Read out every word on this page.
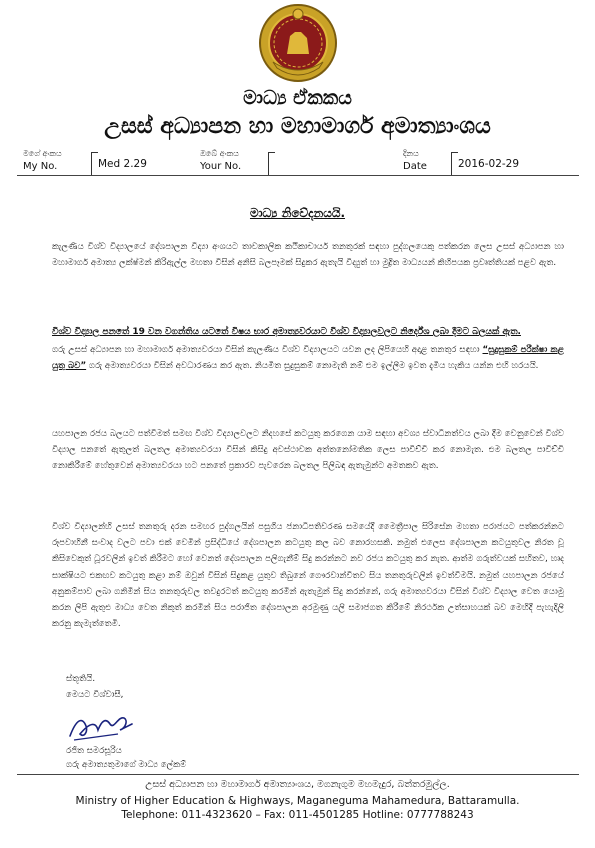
මාධ්‍ය ඒකකය
උසස් අධ්‍යාපන හා මහාමාර්ග අමාත්‍යාංශය
මගේ අංකය
My No.	Med 2.29
ඔබේ අංකය
Your No.
දිනය
Date	2016-02-29
මාධ්‍ය නිවේදනයයි.
කැලණිය විශ්ව විද්‍යාලයේ දේශපාලන විද්‍යා අංශයට තාවකාලික කථිකාචාර්ය තනතුරක් සඳහා පුද්ගලයෙකු පත්කරන ලෙස උසස් අධ්‍යාපන හා මහාමාර්ග අමාත්‍ය ලක්ෂ්මන් කිරිඇල්ල මහතා විසින් අනිසි බලපෑමක් සිදුකර ඇතැයි විද්‍යුත් හා මුද්‍රිත මාධ්‍යයන් කිහිපයක ප්‍රවෘත්තියක් පළව ඇත.
විශ්ව විද්‍යාල පනතේ 19 වන වගන්තිය යටතේ විෂය භාර අමාත්‍යවරයාට විශ්ව විද්‍යාලවලට නිර්දේශ ලබා දීමට බලයක් ඇත.
ගරු උසස් අධ්‍යාපන හා මහාමාර්ග අමාත්‍යවරයා විසින් කැලණිය විශ්ව විද්‍යාලයට යවන ලද ලිපියෙහි අදාළ තනතුර සඳහා “සුදුසුකම් පරීක්ෂා කළ යුතු බව” ගරු අමාත්‍යවරයා විසින් අවධාරණය කර ඇත. නියමිත සුදුසුකම් නොමැති නම් එම ඉල්ලීම ඉවත දැමිය හැකිය යන්න එහි හරයයි.
යහපාලන රජය බලයට පත්වීමත් සමඟ විශ්ව විද්‍යාලවලට නිදහසේ කටයුතු කරගෙන යාම සඳහා අවශ්‍ය ස්වාධීනත්වය ලබා දීම වෙනුවෙන් විශ්ව විද්‍යාල පනතේ ඇතුලත් බලතල අමාත්‍යවරයා විසින් කිසිදු අවස්ථාවක අත්තනෝමතික ලෙස පාවිච්චි කර නොමැත. එම බලතල පාවිච්චි නොකිරීමේ හේතුවෙන් අමාත්‍යවරයා හට පනතේ ප්‍රකාරව පැවරෙන බලතල පිලිබඳ ඇතැමුන්ට අමතකව ඇත.
විශ්ව විද්‍යාලන්හි උසස් තනතුරු දරන සමහර පුද්ගලයින් පසුගිය ජනාධිපතිවරණ සමයේදී මෛත්‍රීපාල සිරිසේන මහතා පරාජයට පත්කරන්නට රූපවාහිනී සංවාද වලට පවා එක් වෙමින් ප්‍රසිද්ධියේ දේශපාලන කටයුතු කල බව නොරහසකි. නමුත් එලෙස දේශපාලන කටයුතුවල නිරත වූ කිසිවෙකුත් ධූරවලින් ඉවත් කිරීමට හෝ වෙනත් දේශපාලන පලිගැනීම් සිදු කරන්නට නව රජය කටයුතු කර නැත. ආත්ම ගරුත්වයක් සහිතව, හෘද සාක්ෂියට එකඟව කටයුතු කළා නම් ඔවුන් විසින් සිදුකළ යුතුව තිබුනේ ගෞරවාන්විතව සිය තනතුරුවලින් ඉවත්වීමයි. නමුත් යහපාලන රජයේ අනුකම්පාව ලබා ගනිමින් සිය තනතුරුවල තවදුරටත් කටයුතු කරමින් ඇතැමුන් සිදු කරන්නේ, ගරු අමාත්‍යවරයා විසින් විශ්ව විද්‍යාල වෙත යොමු කරන ලිපි ඇතුළු මාධ්‍ය වෙත නිකුත් කරමින් සිය පරාජිත දේශපාලන අරමුණු යලි සමාජගත කිරීමේ නිරර්ථක උත්සාහයක් බව මෙහිදී පැහැදිලි කරනු කැමැත්තෙමි.
ස්තූතියි.
මෙයට විශ්වාසී,
රජිත සමරසූරිය
ගරු අමාත්‍යතුමාගේ මාධ්‍ය ලේකම්
උසස් අධ්‍යාපන හා මහාමාර්ග අමාත්‍යාංශය, මගනැගුම මහමැදුර, බත්තරමුල්ල.
Ministry of Higher Education & Highways, Maganeguma Mahamedura, Battaramulla.
Telephone: 011-4323620 – Fax: 011-4501285 Hotline: 0777788243
